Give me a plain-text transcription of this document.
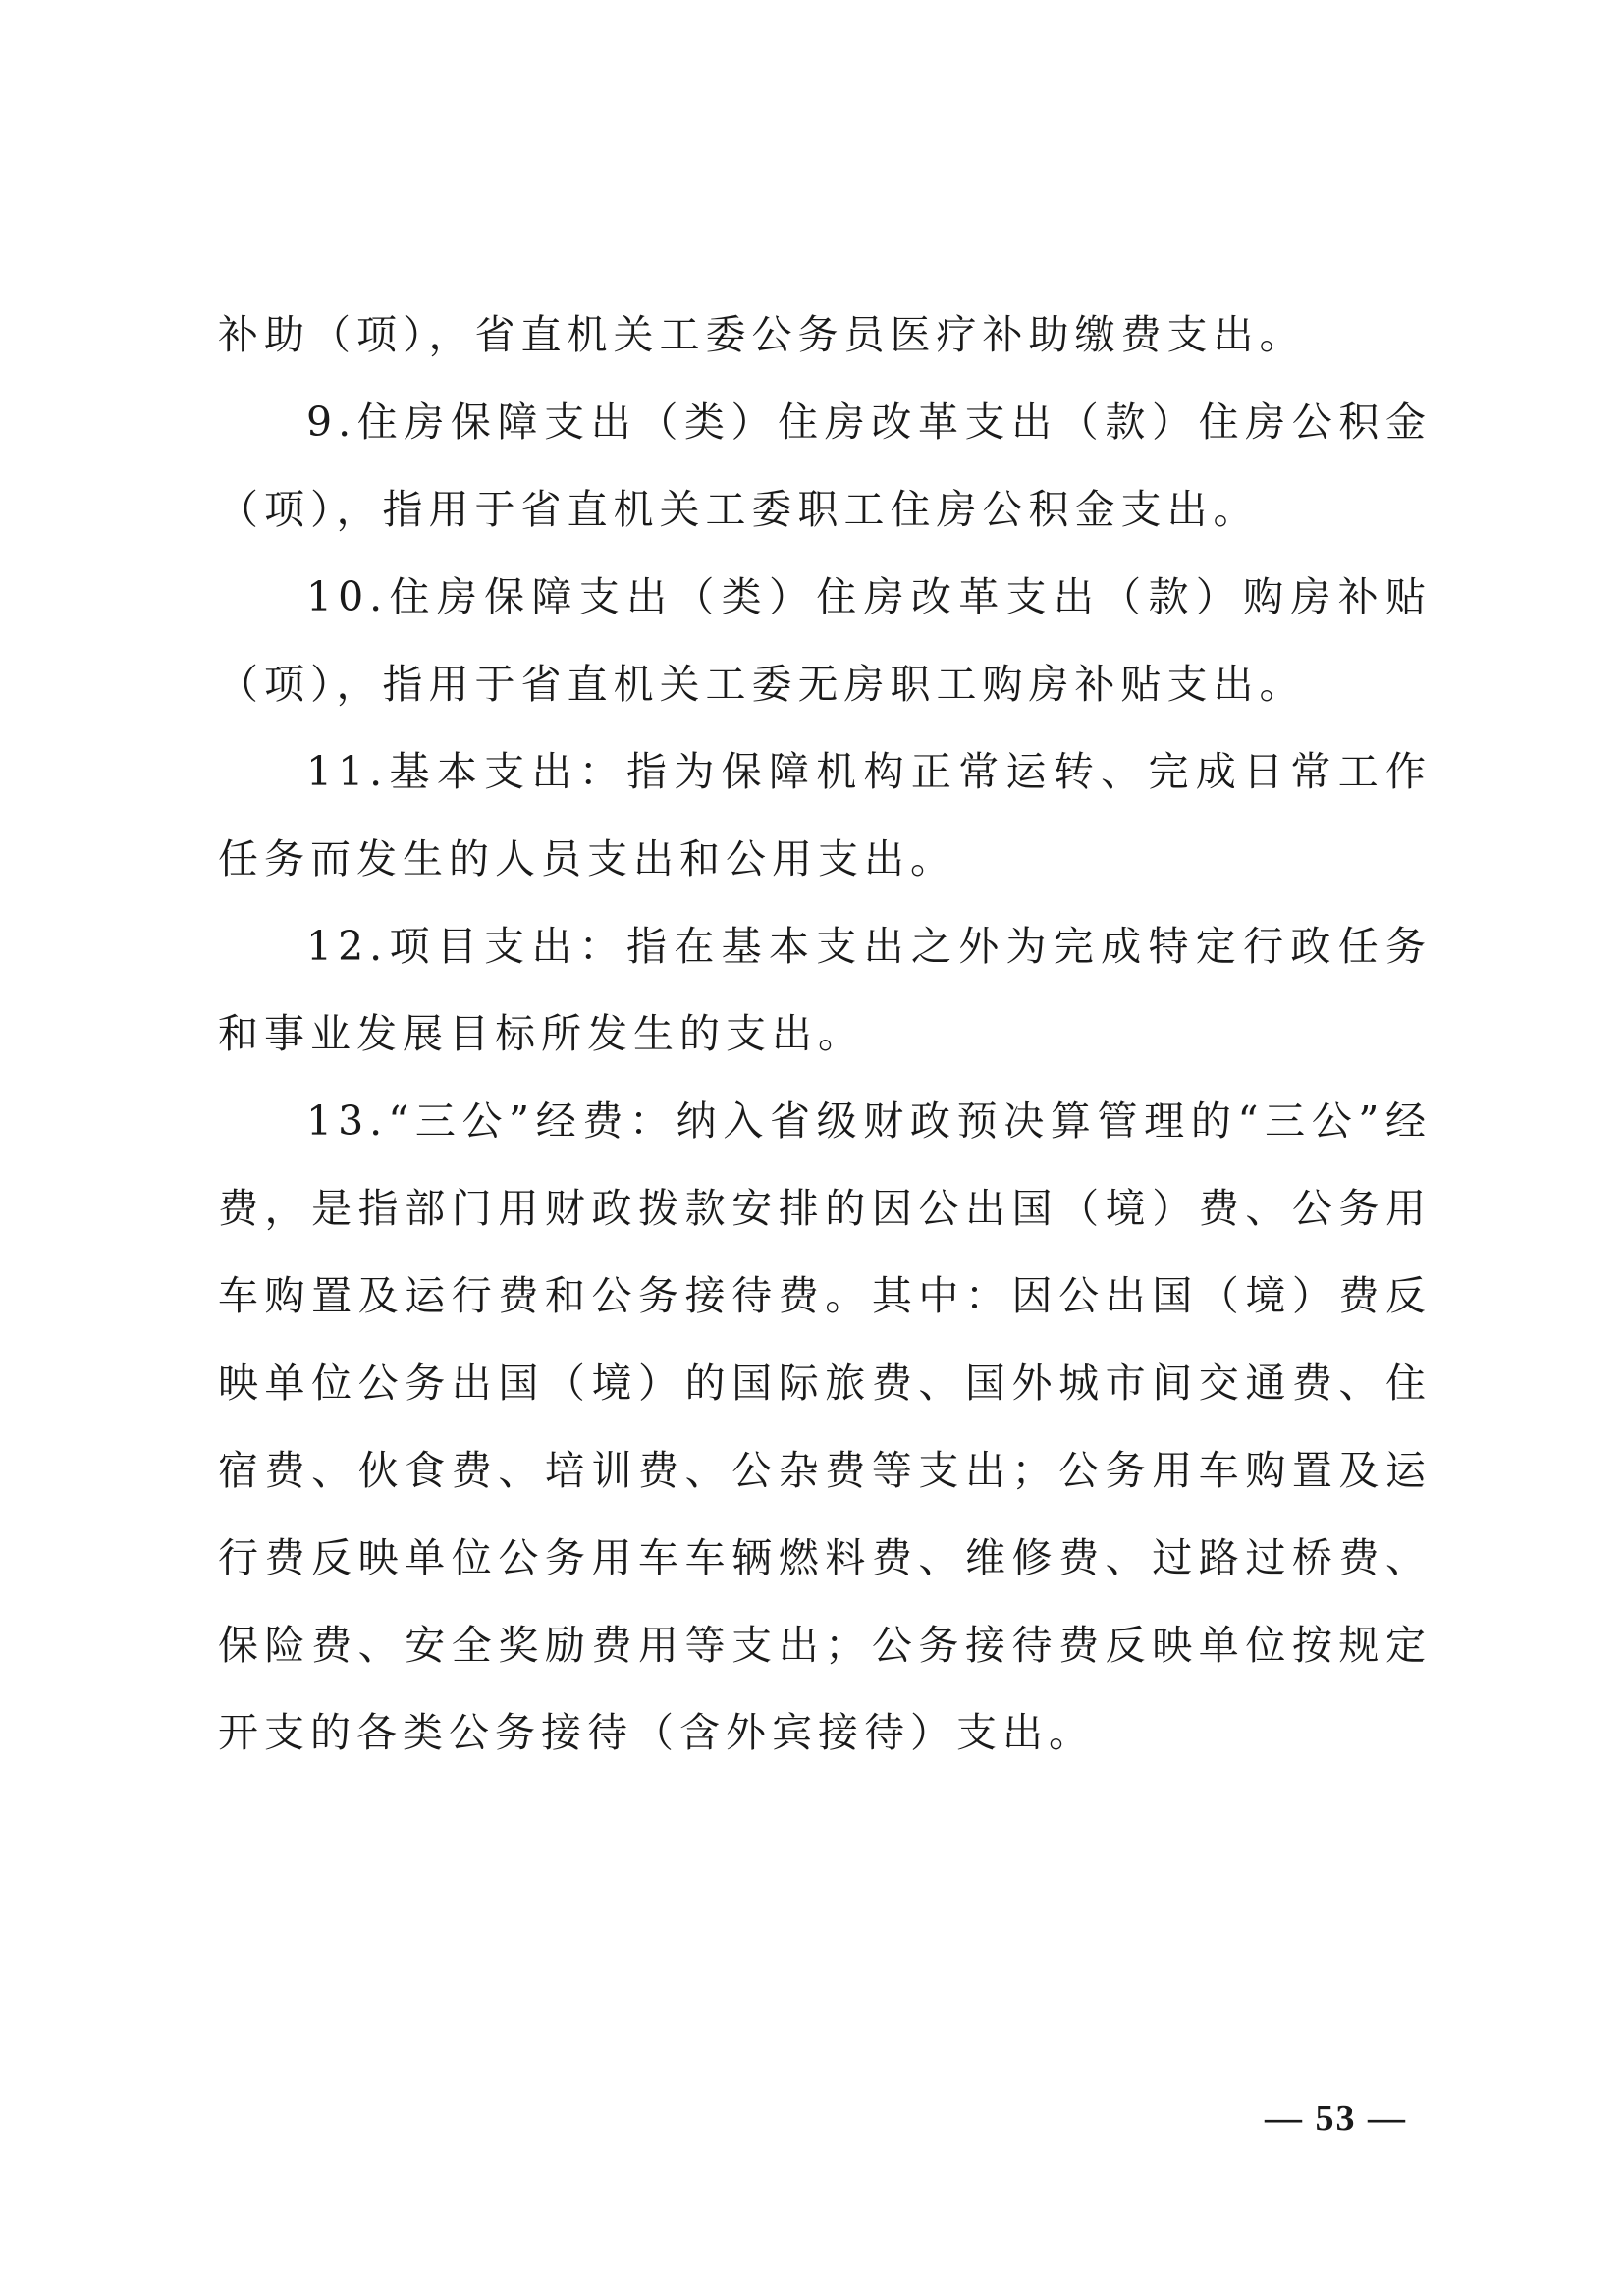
补助（项），省直机关工委公务员医疗补助缴费支出。

9.住房保障支出（类）住房改革支出（款）住房公积金（项），指用于省直机关工委职工住房公积金支出。

10.住房保障支出（类）住房改革支出（款）购房补贴（项），指用于省直机关工委无房职工购房补贴支出。

11.基本支出：指为保障机构正常运转、完成日常工作任务而发生的人员支出和公用支出。

12.项目支出：指在基本支出之外为完成特定行政任务和事业发展目标所发生的支出。

13.“三公”经费：纳入省级财政预决算管理的“三公”经费，是指部门用财政拨款安排的因公出国（境）费、公务用车购置及运行费和公务接待费。其中：因公出国（境）费反映单位公务出国（境）的国际旅费、国外城市间交通费、住宿费、伙食费、培训费、公杂费等支出；公务用车购置及运行费反映单位公务用车车辆燃料费、维修费、过路过桥费、保险费、安全奖励费用等支出；公务接待费反映单位按规定开支的各类公务接待（含外宾接待）支出。

— 53 —
